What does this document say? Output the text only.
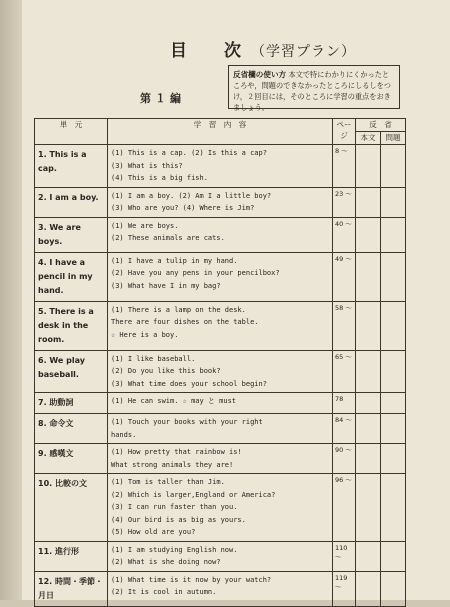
目　次（学習プラン）
反省欄の使い方 本文で特にわかりにくかったところや，問題のできなかったところにしるしをつけ，２回目には，そのところに学習の重点をおきましょう。
第１編
単　元	学　習　内　容	ページ	反　省	
			本文	問題
1. This is a cap.	(1) This is a cap. (2) Is this a cap?
(3) What is this?
(4) This is a big fish.	8 ～		
2. I am a boy.	(1) I am a boy. (2) Am I a little boy?
(3) Who are you? (4) Where is Jim?	23 ～		
3. We are boys.	(1) We are boys.
(2) These animals are cats.	40 ～		
4. I have a pencil in my hand.	(1) I have a tulip in my hand.
(2) Have you any pens in your pencilbox?
(3) What have I in my bag?	49 ～		
5. There is a desk in the room.	(1) There is a lamp on the desk.
There are four dishes on the table.
☆ Here is a boy.	58 ～		
6. We play baseball.	(1) I like baseball.
(2) Do you like this book?
(3) What time does your school begin?	65 ～		
7. 助動詞	(1) He can swim. ☆ may と must	78		
8. 命令文	(1) Touch your books with your right
hands.	84 ～		
9. 感嘆文	(1) How pretty that rainbow is!
What strong animals they are!	90 ～		
10. 比較の文	(1) Tom is taller than Jim.
(2) Which is larger,England or America?
(3) I can run faster than you.
(4) Our bird is as big as yours.
(5) How old are you?	96 ～		
11. 進行形	(1) I am studying English now.
(2) What is she doing now?	110 ～		
12. 時間・季節・月日	(1) What time is it now by your watch?
(2) It is cool in autumn.	119 ～		
